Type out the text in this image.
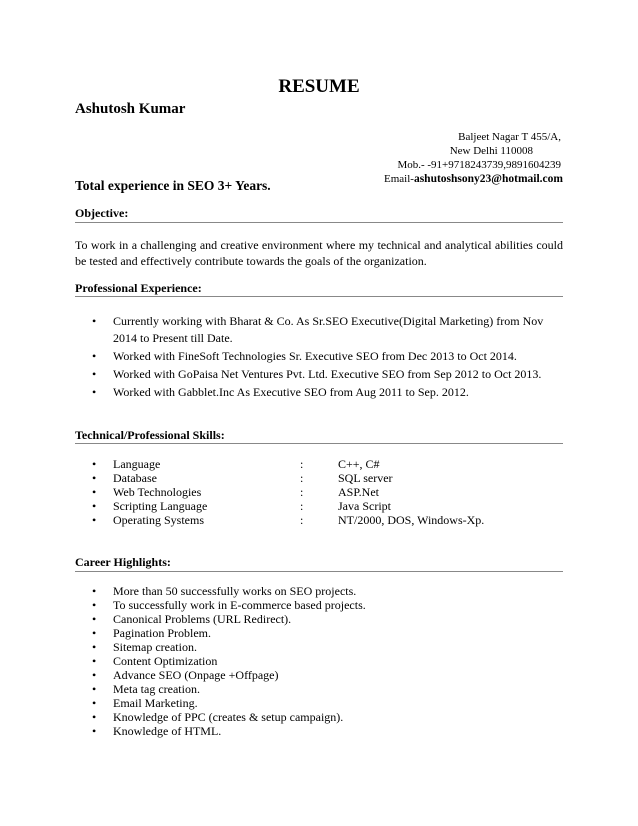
RESUME
Ashutosh Kumar
Baljeet Nagar T 455/A,
New Delhi 110008
Mob.- -91+9718243739,9891604239
Email-ashutoshsony23@hotmail.com
Total experience in SEO 3+ Years.
Objective:
To work in a challenging and creative environment where my technical and analytical abilities could be tested and effectively contribute towards the goals of the organization.
Professional Experience:
• Currently working with Bharat & Co. As Sr.SEO Executive(Digital Marketing) from Nov 2014 to Present till Date.
• Worked with FineSoft Technologies Sr. Executive SEO from Dec 2013 to Oct 2014.
• Worked with GoPaisa Net Ventures Pvt. Ltd. Executive SEO from Sep 2012 to Oct 2013.
• Worked with Gabblet.Inc As Executive SEO from Aug 2011 to Sep. 2012.
Technical/Professional Skills:
• Language	:	C++, C#
• Database	:	SQL server
• Web Technologies	:	ASP.Net
• Scripting Language	:	Java Script
• Operating Systems	:	NT/2000, DOS, Windows-Xp.
Career Highlights:
• More than 50 successfully works on SEO projects.
• To successfully work in E-commerce based projects.
• Canonical Problems (URL Redirect).
• Pagination Problem.
• Sitemap creation.
• Content Optimization
• Advance SEO (Onpage +Offpage)
• Meta tag creation.
• Email Marketing.
• Knowledge of PPC (creates & setup campaign).
• Knowledge of HTML.
